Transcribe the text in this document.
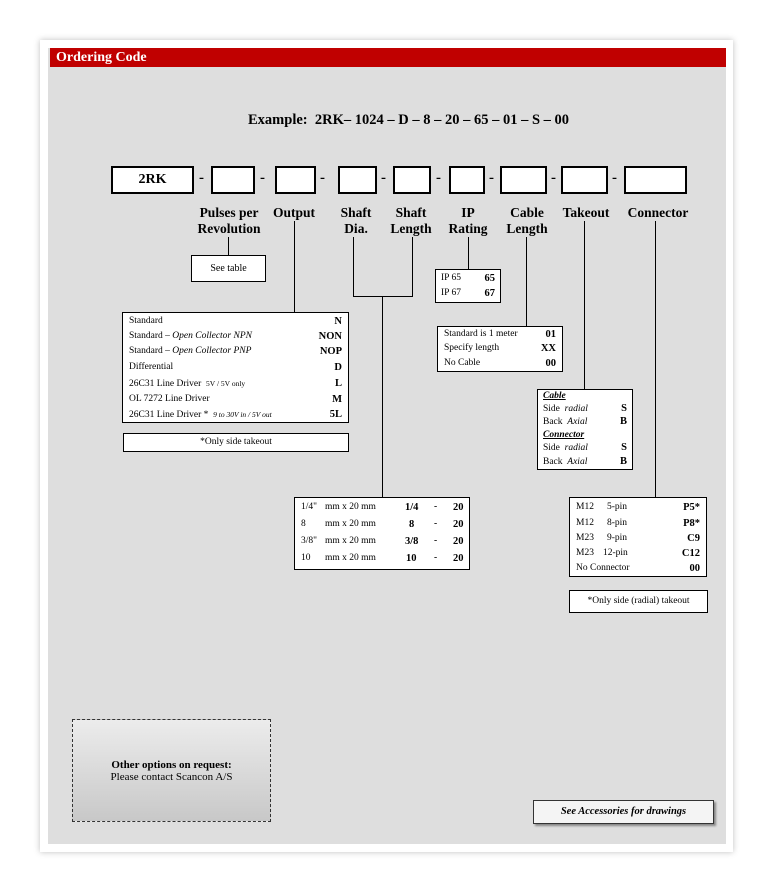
Ordering Code
Example: 2RK– 1024 – D – 8 – 20 – 65 – 01 – S – 00
2RK	-	-	-	-	-	-	-	-
Pulses per
Revolution
Output	Shaft
Dia.
Shaft
Length
IP
Rating
Cable
Length
Takeout	Connector
See table
Standard	N
Standard – Open Collector NPN	NON
Standard – Open Collector PNP	NOP
Differential	D
26C31 Line Driver 5V / 5V only	L
OL 7272 Line Driver	M
26C31 Line Driver * 9 to 30V in / 5V out	5L
*Only side takeout
IP 65 65
IP 67 67
Standard is 1 meter	01
Specify length	XX
No Cable	00
Cable
Side radial	S
Back Axial	B
Connector
Side radial	S
Back Axial	B
1/4" mm x 20 mm	1/4 - 20
8 mm x 20 mm	8 - 20
3/8" mm x 20 mm	3/8 - 20
10 mm x 20 mm	10 - 20
M12 5-pin	P5*
M12 8-pin	P8*
M23 9-pin	C9
M23 12-pin	C12
No Connector	00
*Only side (radial) takeout
Other options on request:
Please contact Scancon A/S
See Accessories for drawings
